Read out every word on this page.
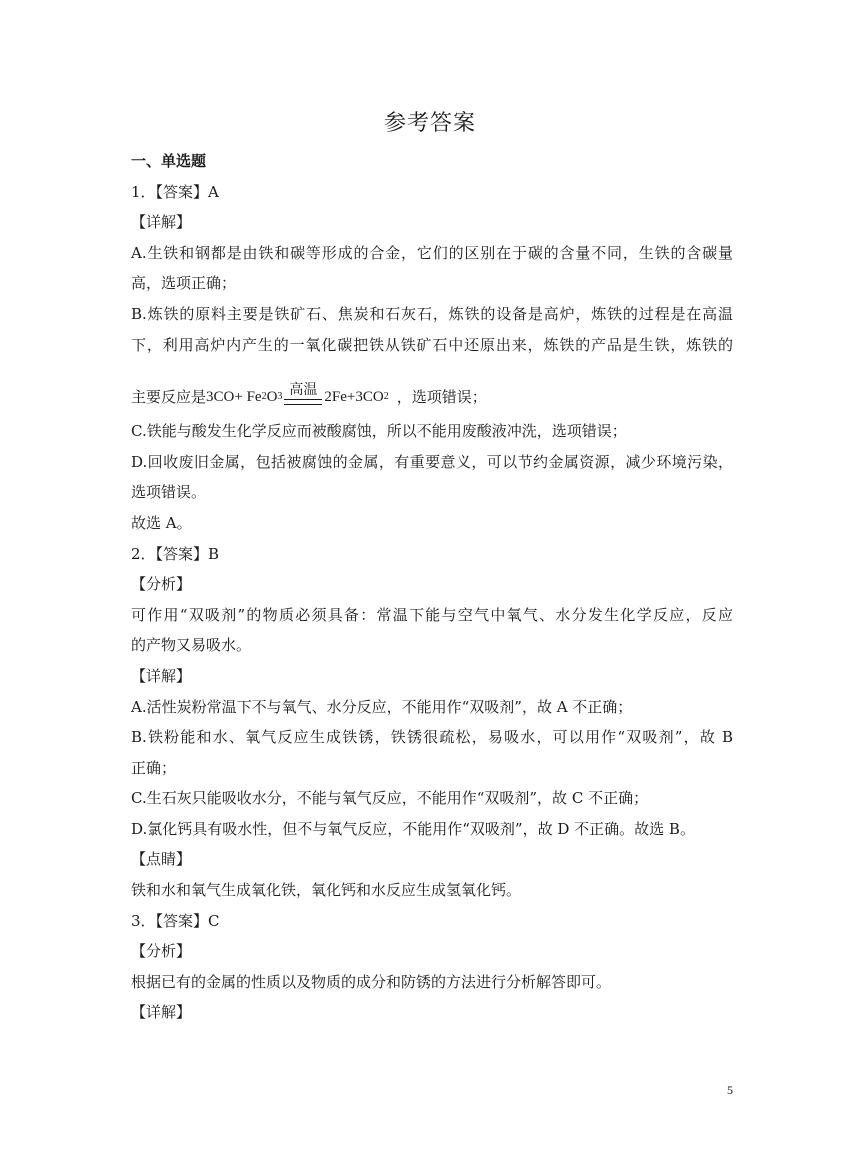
参考答案
一、单选题
1．【答案】A
【详解】
A.生铁和钢都是由铁和碳等形成的合金，它们的区别在于碳的含量不同，生铁的含碳量
高，选项正确；
B.炼铁的原料主要是铁矿石、焦炭和石灰石，炼铁的设备是高炉，炼铁的过程是在高温
下，利用高炉内产生的一氧化碳把铁从铁矿石中还原出来，炼铁的产品是生铁，炼铁的
主要反应是 3CO+ Fe 2 O 3 高温 2Fe+3CO 2 ，选项错误；
C.铁能与酸发生化学反应而被酸腐蚀，所以不能用废酸液冲洗，选项错误；
D.回收废旧金属，包括被腐蚀的金属，有重要意义，可以节约金属资源，减少环境污染，
选项错误。
故选 A。
2．【答案】B
【分析】
可作用“双吸剂”的物质必须具备：常温下能与空气中氧气、水分发生化学反应，反应
的产物又易吸水。
【详解】
A.活性炭粉常温下不与氧气、水分反应，不能用作“双吸剂”，故 A 不正确；
B.铁粉能和水、氧气反应生成铁锈，铁锈很疏松，易吸水，可以用作“双吸剂”，故 B
正确；
C.生石灰只能吸收水分，不能与氧气反应，不能用作“双吸剂”，故 C 不正确；
D.氯化钙具有吸水性，但不与氧气反应，不能用作“双吸剂”，故 D 不正确。故选 B。
【点睛】
铁和水和氧气生成氧化铁，氧化钙和水反应生成氢氧化钙。
3．【答案】C
【分析】
根据已有的金属的性质以及物质的成分和防锈的方法进行分析解答即可。
【详解】
5
